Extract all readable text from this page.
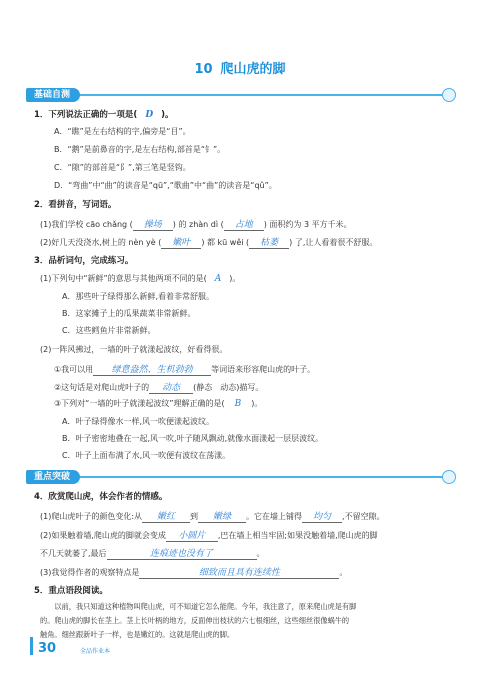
10 爬山虎的脚
基础自测
1．下列说法正确的一项是( D )。
A．“瞧”是左右结构的字,偏旁是“目”。
B．“鹅”是前鼻音的字,是左右结构,部首是“钅”。
C．“隙”的部首是“阝”,第三笔是竖钩。
D．“弯曲”中“曲”的读音是“qū”,“歌曲”中“曲”的读音是“qǔ”。
2．看拼音，写词语。
(1)我们学校 cāo chǎng ( 操场 ) 的 zhàn dì ( 占地 ) 面积约为 3 平方千米。
(2)好几天没浇水,树上的 nèn yè ( 嫩叶 ) 都 kū wěi ( 枯萎 ) 了,让人看着很不舒服。
3．品析词句，完成练习。
(1)下列句中“新鲜”的意思与其他两项不同的是( A )。
A．那些叶子绿得那么新鲜,看着非常舒服。
B．这家摊子上的瓜果蔬菜非常新鲜。
C．这些鳕鱼片非常新鲜。
(2)一阵风拂过，一墙的叶子就漾起波纹，好看得很。
①我可以用 绿意盎然、生机勃勃 等词语来形容爬山虎的叶子。
②这句话是对爬山虎叶子的 动态 (静态　动态)描写。
③下列对“一墙的叶子就漾起波纹”理解正确的是( B )。
A．叶子绿得像水一样,风一吹便漾起波纹。
B．叶子密密地叠在一起,风一吹,叶子随风飘动,就像水面漾起一层层波纹。
C．叶子上面布满了水,风一吹便有波纹在荡漾。
重点突破
4．欣赏爬山虎，体会作者的情感。
(1)爬山虎叶子的颜色变化:从 嫩红 到 嫩绿 。它在墙上铺得 均匀 ,不留空隙。
(2)如果触着墙,爬山虎的脚就会变成 小圆片 ,巴在墙上相当牢固;如果没触着墙,爬山虎的脚
不几天就萎了,最后	连痕迹也没有了	。
(3)我觉得作者的观察特点是	细致而且具有连续性	。
5．重点语段阅读。
　　以前，我只知道这种植物叫爬山虎，可不知道它怎么能爬。今年，我注意了，原来爬山虎是有脚
的。爬山虎的脚长在茎上。茎上长叶柄的地方，反面伸出枝状的六七根细丝，这些细丝很像蜗牛的
触角。细丝跟新叶子一样，也是嫩红的。这就是爬山虎的脚。
30	全品作业本
